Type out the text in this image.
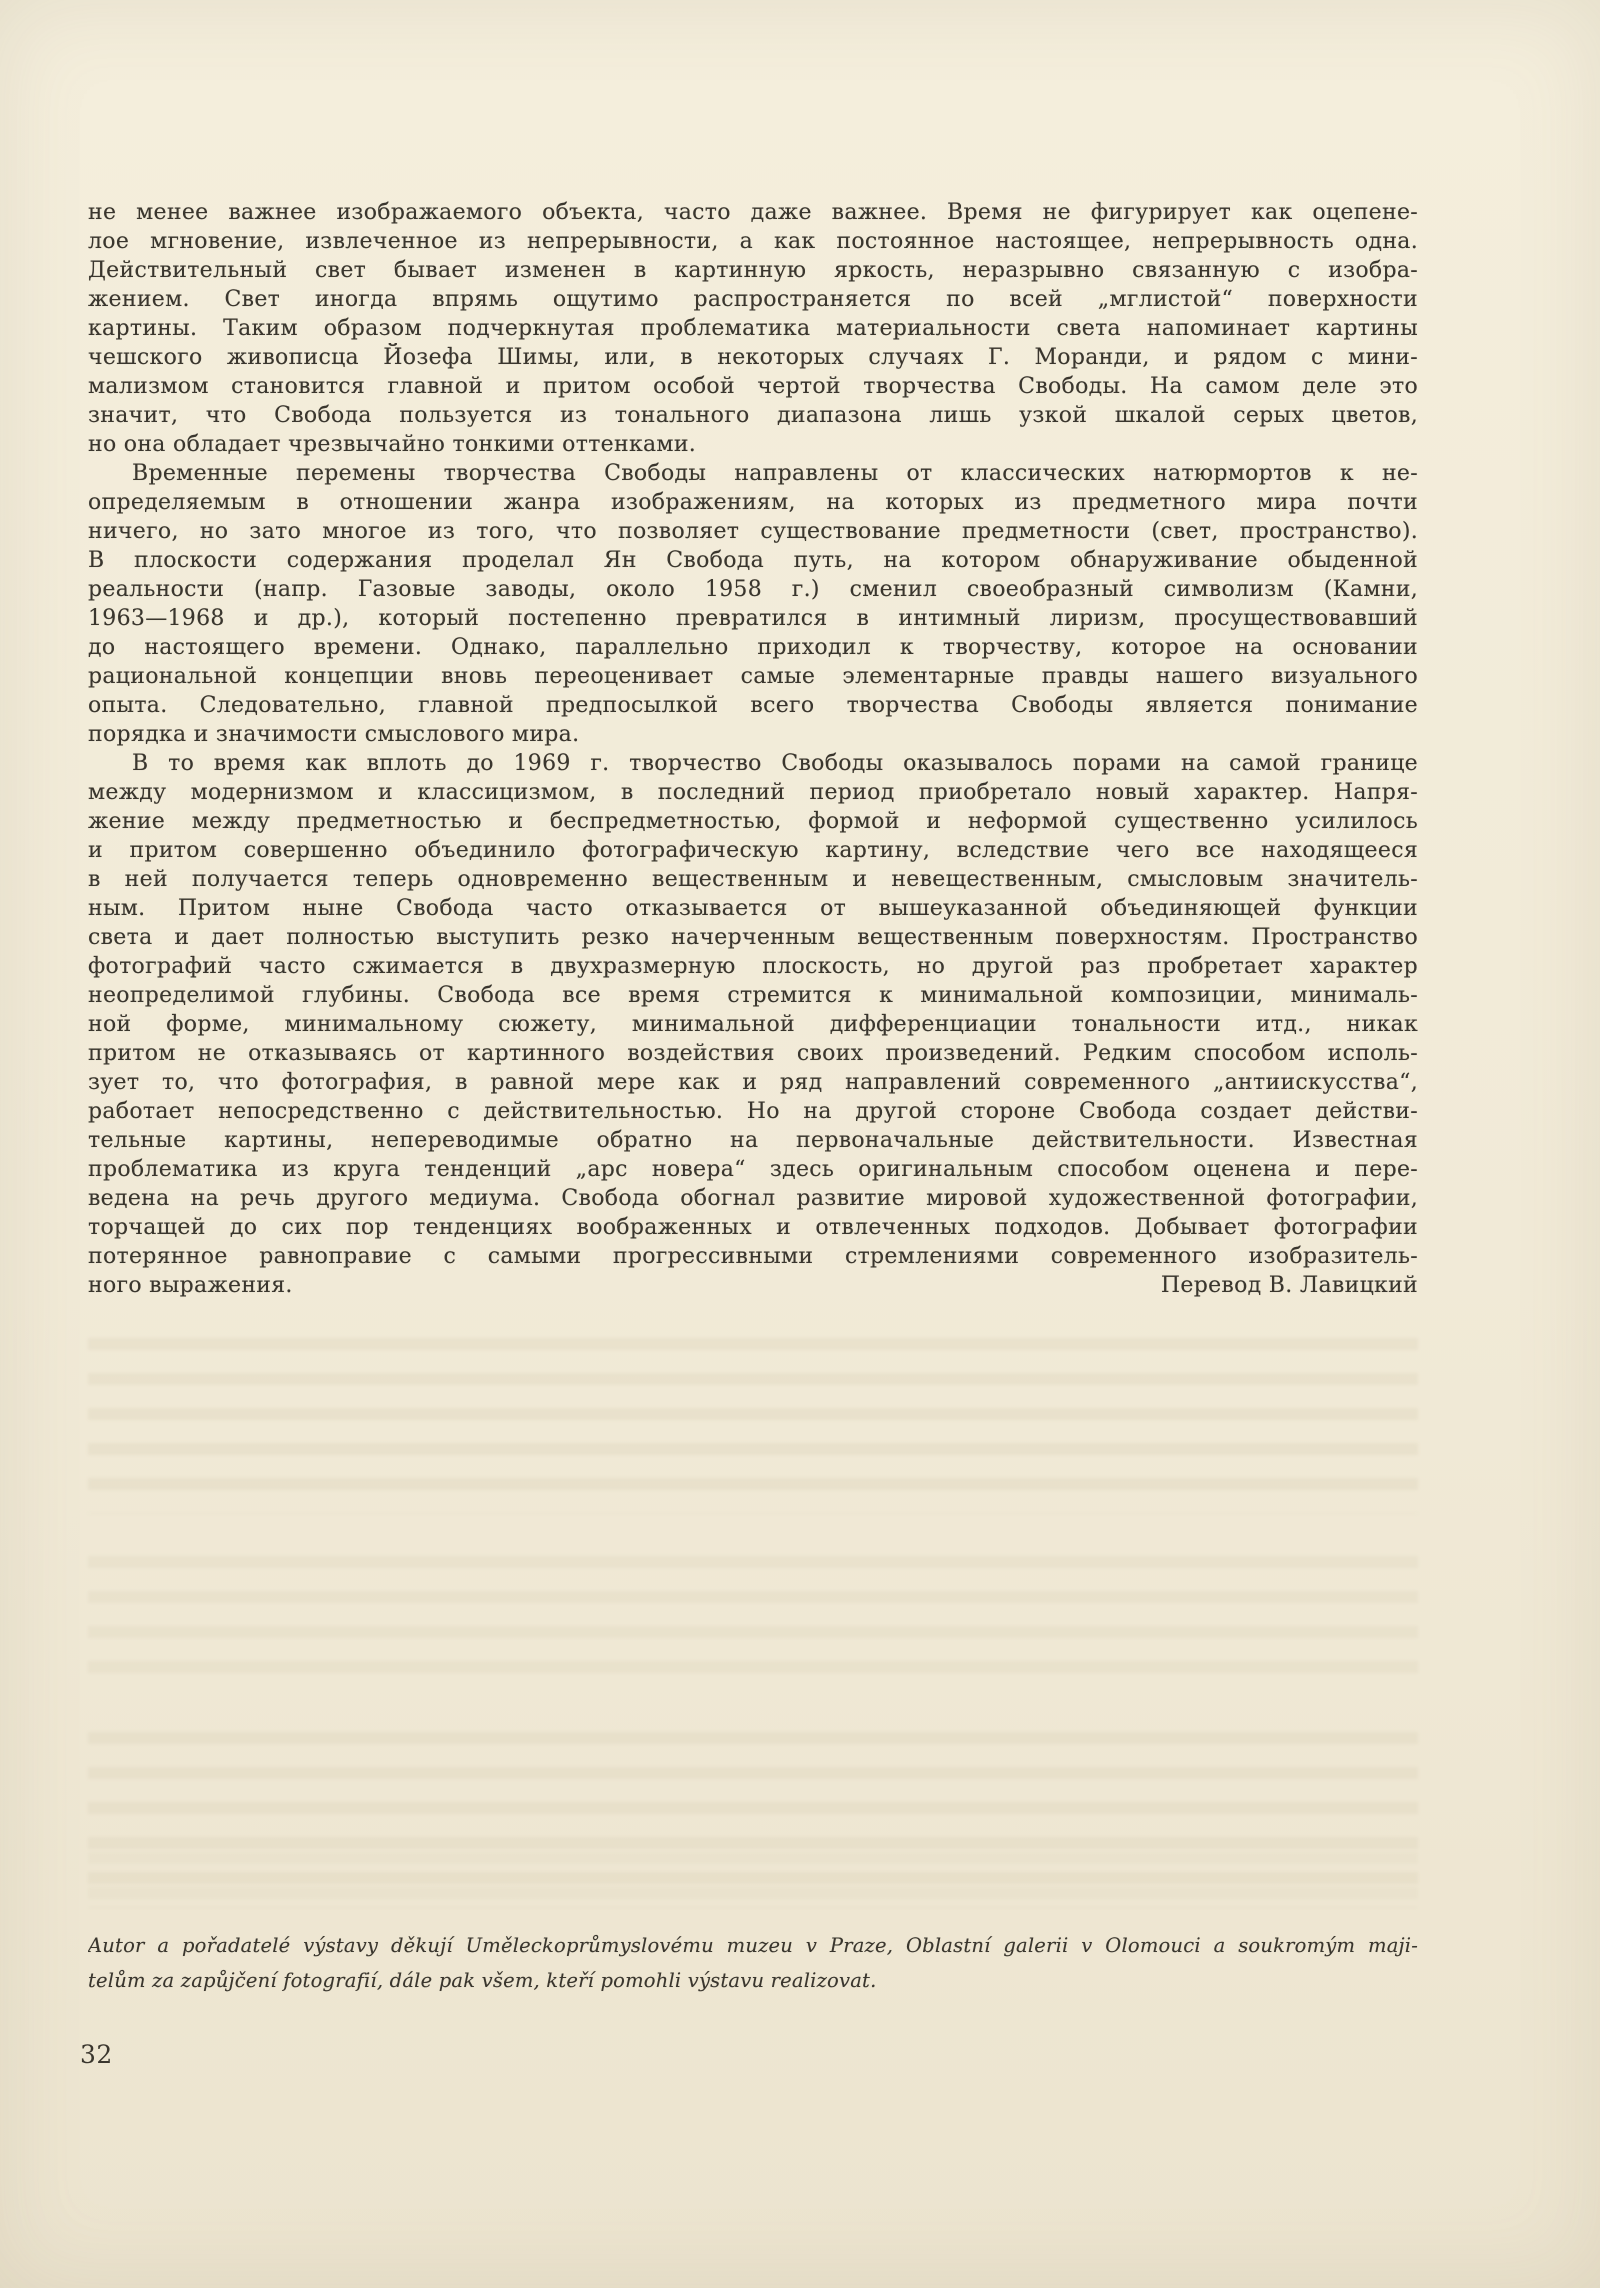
не менее важнее изображаемого объекта, часто даже важнее. Время не фигурирует как оцепене-
лое мгновение, извлеченное из непрерывности, а как постоянное настоящее, непрерывность одна.
Действительный свет бывает изменен в картинную яркость, неразрывно связанную с изобра-
жением. Свет иногда впрямь ощутимо распространяется по всей „мглистой“ поверхности
картины. Таким образом подчеркнутая проблематика материальности света напоминает картины
чешского живописца Йозефа Шимы, или, в некоторых случаях Г. Моранди, и рядом с мини-
мализмом становится главной и притом особой чертой творчества Свободы. На самом деле это
значит, что Свобода пользуется из тонального диапазона лишь узкой шкалой серых цветов,
но она обладает чрезвычайно тонкими оттенками.
Временные перемены творчества Свободы направлены от классических натюрмортов к не-
определяемым в отношении жанра изображениям, на которых из предметного мира почти
ничего, но зато многое из того, что позволяет существование предметности (свет, пространство).
В плоскости содержания проделал Ян Свобода путь, на котором обнаруживание обыденной
реальности (напр. Газовые заводы, около 1958 г.) сменил своеобразный символизм (Камни,
1963—1968 и др.), который постепенно превратился в интимный лиризм, просуществовавший
до настоящего времени. Однако, параллельно приходил к творчеству, которое на основании
рациональной концепции вновь переоценивает самые элементарные правды нашего визуального
опыта. Следовательно, главной предпосылкой всего творчества Свободы является понимание
порядка и значимости смыслового мира.
В то время как вплоть до 1969 г. творчество Свободы оказывалось порами на самой границе
между модернизмом и классицизмом, в последний период приобретало новый характер. Напря-
жение между предметностью и беспредметностью, формой и неформой существенно усилилось
и притом совершенно объединило фотографическую картину, вследствие чего все находящееся
в ней получается теперь одновременно вещественным и невещественным, смысловым значитель-
ным. Притом ныне Свобода часто отказывается от вышеуказанной объединяющей функции
света и дает полностью выступить резко начерченным вещественным поверхностям. Пространство
фотографий часто сжимается в двухразмерную плоскость, но другой раз пробретает характер
неопределимой глубины. Свобода все время стремится к минимальной композиции, минималь-
ной форме, минимальному сюжету, минимальной дифференциации тональности итд., никак
притом не отказываясь от картинного воздействия своих произведений. Редким способом исполь-
зует то, что фотография, в равной мере как и ряд направлений современного „антиискусства“,
работает непосредственно с действительностью. Но на другой стороне Свобода создает действи-
тельные картины, непереводимые обратно на первоначальные действительности. Известная
проблематика из круга тенденций „арс новера“ здесь оригинальным способом оценена и пере-
ведена на речь другого медиума. Свобода обогнал развитие мировой художественной фотографии,
торчащей до сих пор тенденциях воображенных и отвлеченных подходов. Добывает фотографии
потерянное равноправие с самыми прогрессивными стремлениями современного изобразитель-
ного выражения.	Перевод В. Лавицкий
Autor a pořadatelé výstavy děkují Uměleckoprůmyslovému muzeu v Praze, Oblastní galerii v Olomouci a soukromým maji-
telům za zapůjčení fotografií, dále pak všem, kteří pomohli výstavu realizovat.
32
